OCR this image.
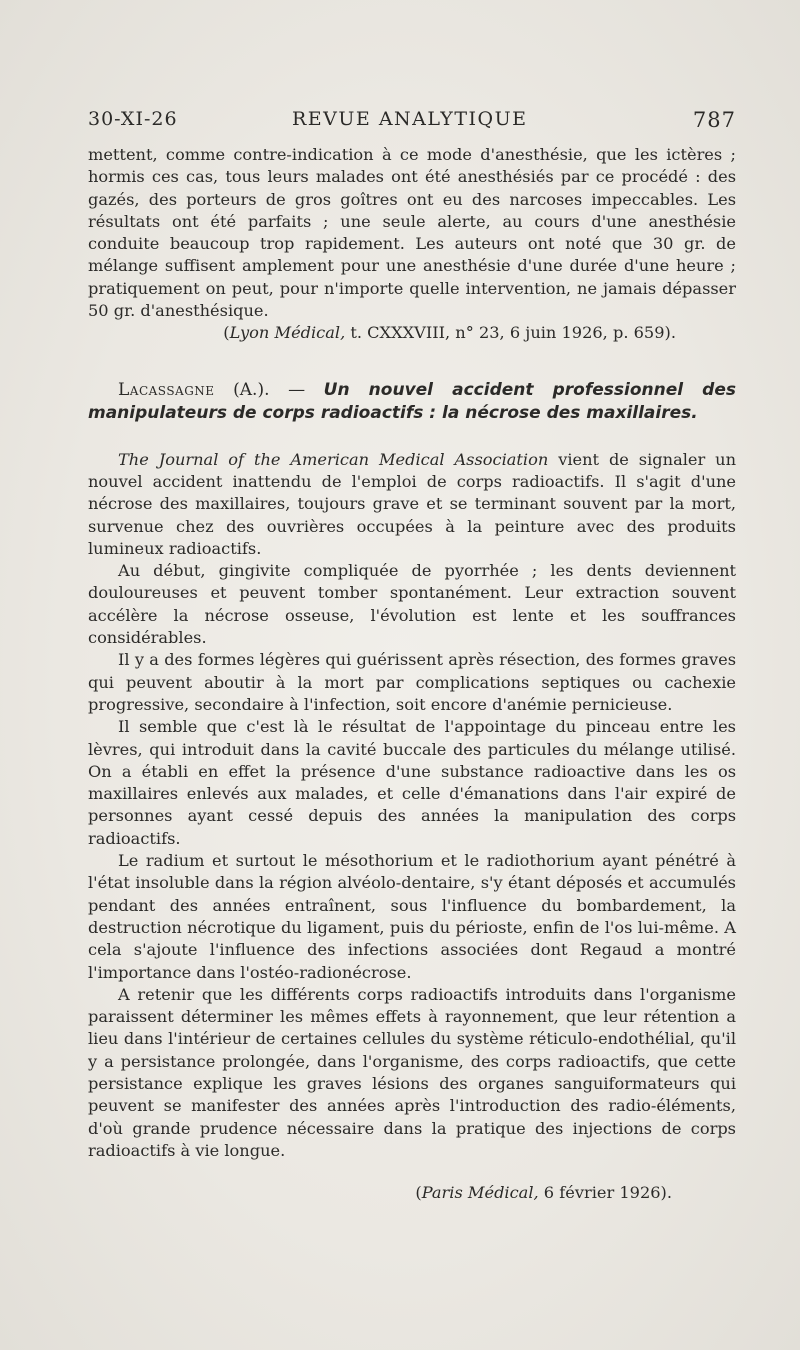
30-XI-26	REVUE ANALYTIQUE	787

mettent, comme contre-indication à ce mode d'anesthésie, que les ictères ; hormis ces cas, tous leurs malades ont été anesthésiés par ce procédé : des gazés, des porteurs de gros goîtres ont eu des narcoses impeccables. Les résultats ont été parfaits ; une seule alerte, au cours d'une anesthésie conduite beaucoup trop rapidement. Les auteurs ont noté que 30 gr. de mélange suffisent amplement pour une anesthésie d'une durée d'une heure ; pratiquement on peut, pour n'importe quelle intervention, ne jamais dépasser 50 gr. d'anesthésique.

(Lyon Médical, t. CXXXVIII, n° 23, 6 juin 1926, p. 659).

Lacassagne (A.). — Un nouvel accident professionnel des manipulateurs de corps radioactifs : la nécrose des maxillaires.

The Journal of the American Medical Association vient de signaler un nouvel accident inattendu de l'emploi de corps radioactifs. Il s'agit d'une nécrose des maxillaires, toujours grave et se terminant souvent par la mort, survenue chez des ouvrières occupées à la peinture avec des produits lumineux radioactifs.

Au début, gingivite compliquée de pyorrhée ; les dents deviennent douloureuses et peuvent tomber spontanément. Leur extraction souvent accélère la nécrose osseuse, l'évolution est lente et les souffrances considérables.

Il y a des formes légères qui guérissent après résection, des formes graves qui peuvent aboutir à la mort par complications septiques ou cachexie progressive, secondaire à l'infection, soit encore d'anémie pernicieuse.

Il semble que c'est là le résultat de l'appointage du pinceau entre les lèvres, qui introduit dans la cavité buccale des particules du mélange utilisé. On a établi en effet la présence d'une substance radioactive dans les os maxillaires enlevés aux malades, et celle d'émanations dans l'air expiré de personnes ayant cessé depuis des années la manipulation des corps radioactifs.

Le radium et surtout le mésothorium et le radiothorium ayant pénétré à l'état insoluble dans la région alvéolo-dentaire, s'y étant déposés et accumulés pendant des années entraînent, sous l'influence du bombardement, la destruction nécrotique du ligament, puis du périoste, enfin de l'os lui-même. A cela s'ajoute l'influence des infections associées dont Regaud a montré l'importance dans l'ostéo-radionécrose.

A retenir que les différents corps radioactifs introduits dans l'organisme paraissent déterminer les mêmes effets à rayonnement, que leur rétention a lieu dans l'intérieur de certaines cellules du système réticulo-endothélial, qu'il y a persistance prolongée, dans l'organisme, des corps radioactifs, que cette persistance explique les graves lésions des organes sanguiformateurs qui peuvent se manifester des années après l'introduction des radio-éléments, d'où grande prudence nécessaire dans la pratique des injections de corps radioactifs à vie longue.

(Paris Médical, 6 février 1926).
